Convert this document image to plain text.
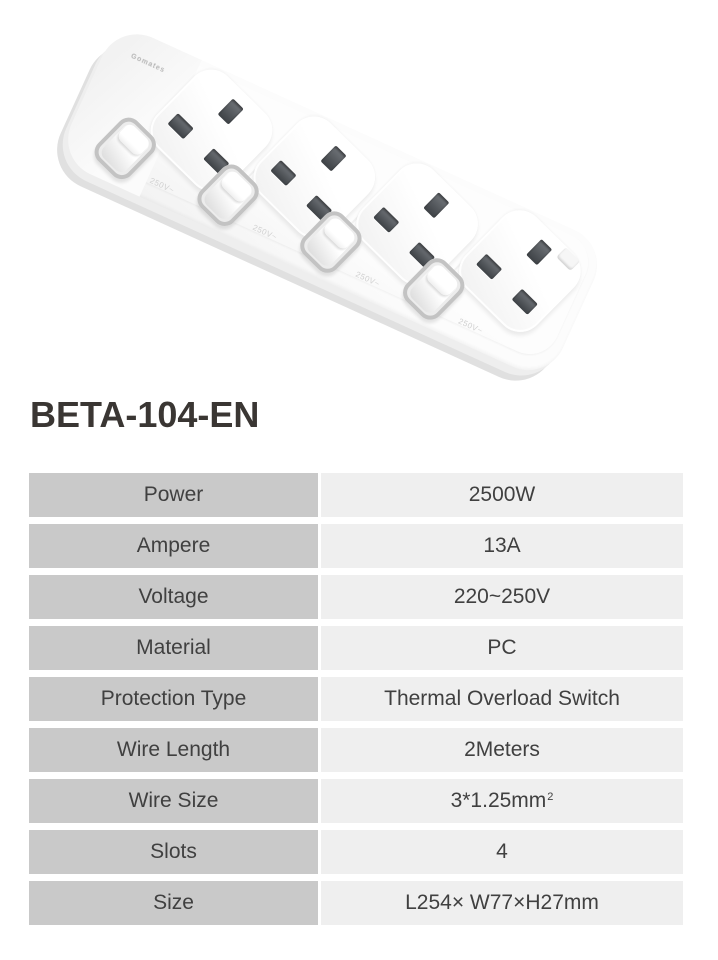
Gomates
250V~
250V~
250V~
250V~
BETA-104-EN
Power	2500W
Ampere	13A
Voltage	220~250V
Material	PC
Protection Type	Thermal Overload Switch
Wire Length	2Meters
Wire Size	3*1.25mm 2
Slots	4
Size	L254× W77×H27mm
